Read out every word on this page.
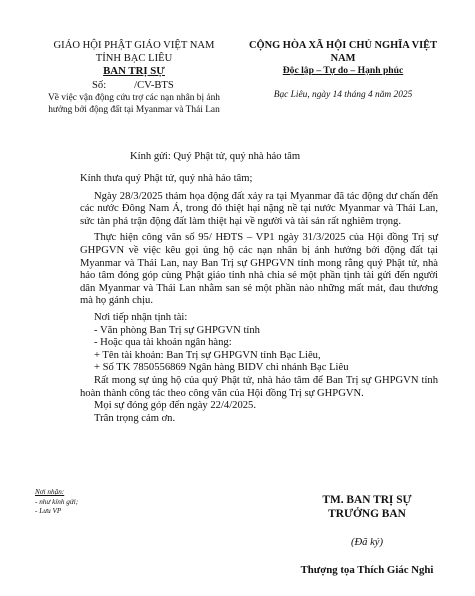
GIÁO HỘI PHẬT GIÁO VIỆT NAM
TỈNH BẠC LIÊU
BAN TRỊ SỰ
Số:	/CV-BTS
Về việc vận động cứu trợ các nạn nhân bị ảnh hưởng bởi động đất tại Myanmar và Thái Lan
CỘNG HÒA XÃ HỘI CHỦ NGHĨA VIỆT NAM
Độc lập – Tự do – Hạnh phúc
Bạc Liêu, ngày 14 tháng 4 năm 2025
Kính gửi: Quý Phật tử, quý nhà hảo tâm

Kính thưa quý Phật tử, quý nhà hảo tâm;

Ngày 28/3/2025 thảm họa động đất xảy ra tại Myanmar đã tác động dư chấn đến các nước Đông Nam Á, trong đó thiệt hại nặng nề tại nước Myanmar và Thái Lan, sức tàn phá trận động đất làm thiệt hại về người và tài sản rất nghiêm trọng.

Thực hiện công văn số 95/ HĐTS – VP1 ngày 31/3/2025 của Hội đồng Trị sự GHPGVN về việc kêu gọi ủng hộ các nạn nhân bị ảnh hưởng bởi động đất tại Myanmar và Thái Lan, nay Ban Trị sự GHPGVN tỉnh mong rằng quý Phật tử, nhà hảo tâm đóng góp cùng Phật giáo tỉnh nhà chia sẻ một phần tịnh tài gửi đến người dân Myanmar và Thái Lan nhằm san sẻ một phần nào những mất mát, đau thương mà họ gánh chịu.

Nơi tiếp nhận tịnh tài:

- Văn phòng Ban Trị sự GHPGVN tỉnh

- Hoặc qua tài khoản ngân hàng:

+ Tên tài khoản: Ban Trị sự GHPGVN tỉnh Bạc Liêu,

+ Số TK 7850556869 Ngân hàng BIDV chi nhánh Bạc Liêu

Rất mong sự ủng hộ của quý Phật tử, nhà hảo tâm để Ban Trị sự GHPGVN tỉnh hoàn thành công tác theo công văn của Hội đồng Trị sự GHPGVN.

Mọi sự đóng góp đến ngày 22/4/2025.

Trân trọng cảm ơn.

Nơi nhận:
- như kính gửi;
- Lưu VP
TM. BAN TRỊ SỰ
TRƯỞNG BAN
(Đã ký)
Thượng tọa Thích Giác Nghi
